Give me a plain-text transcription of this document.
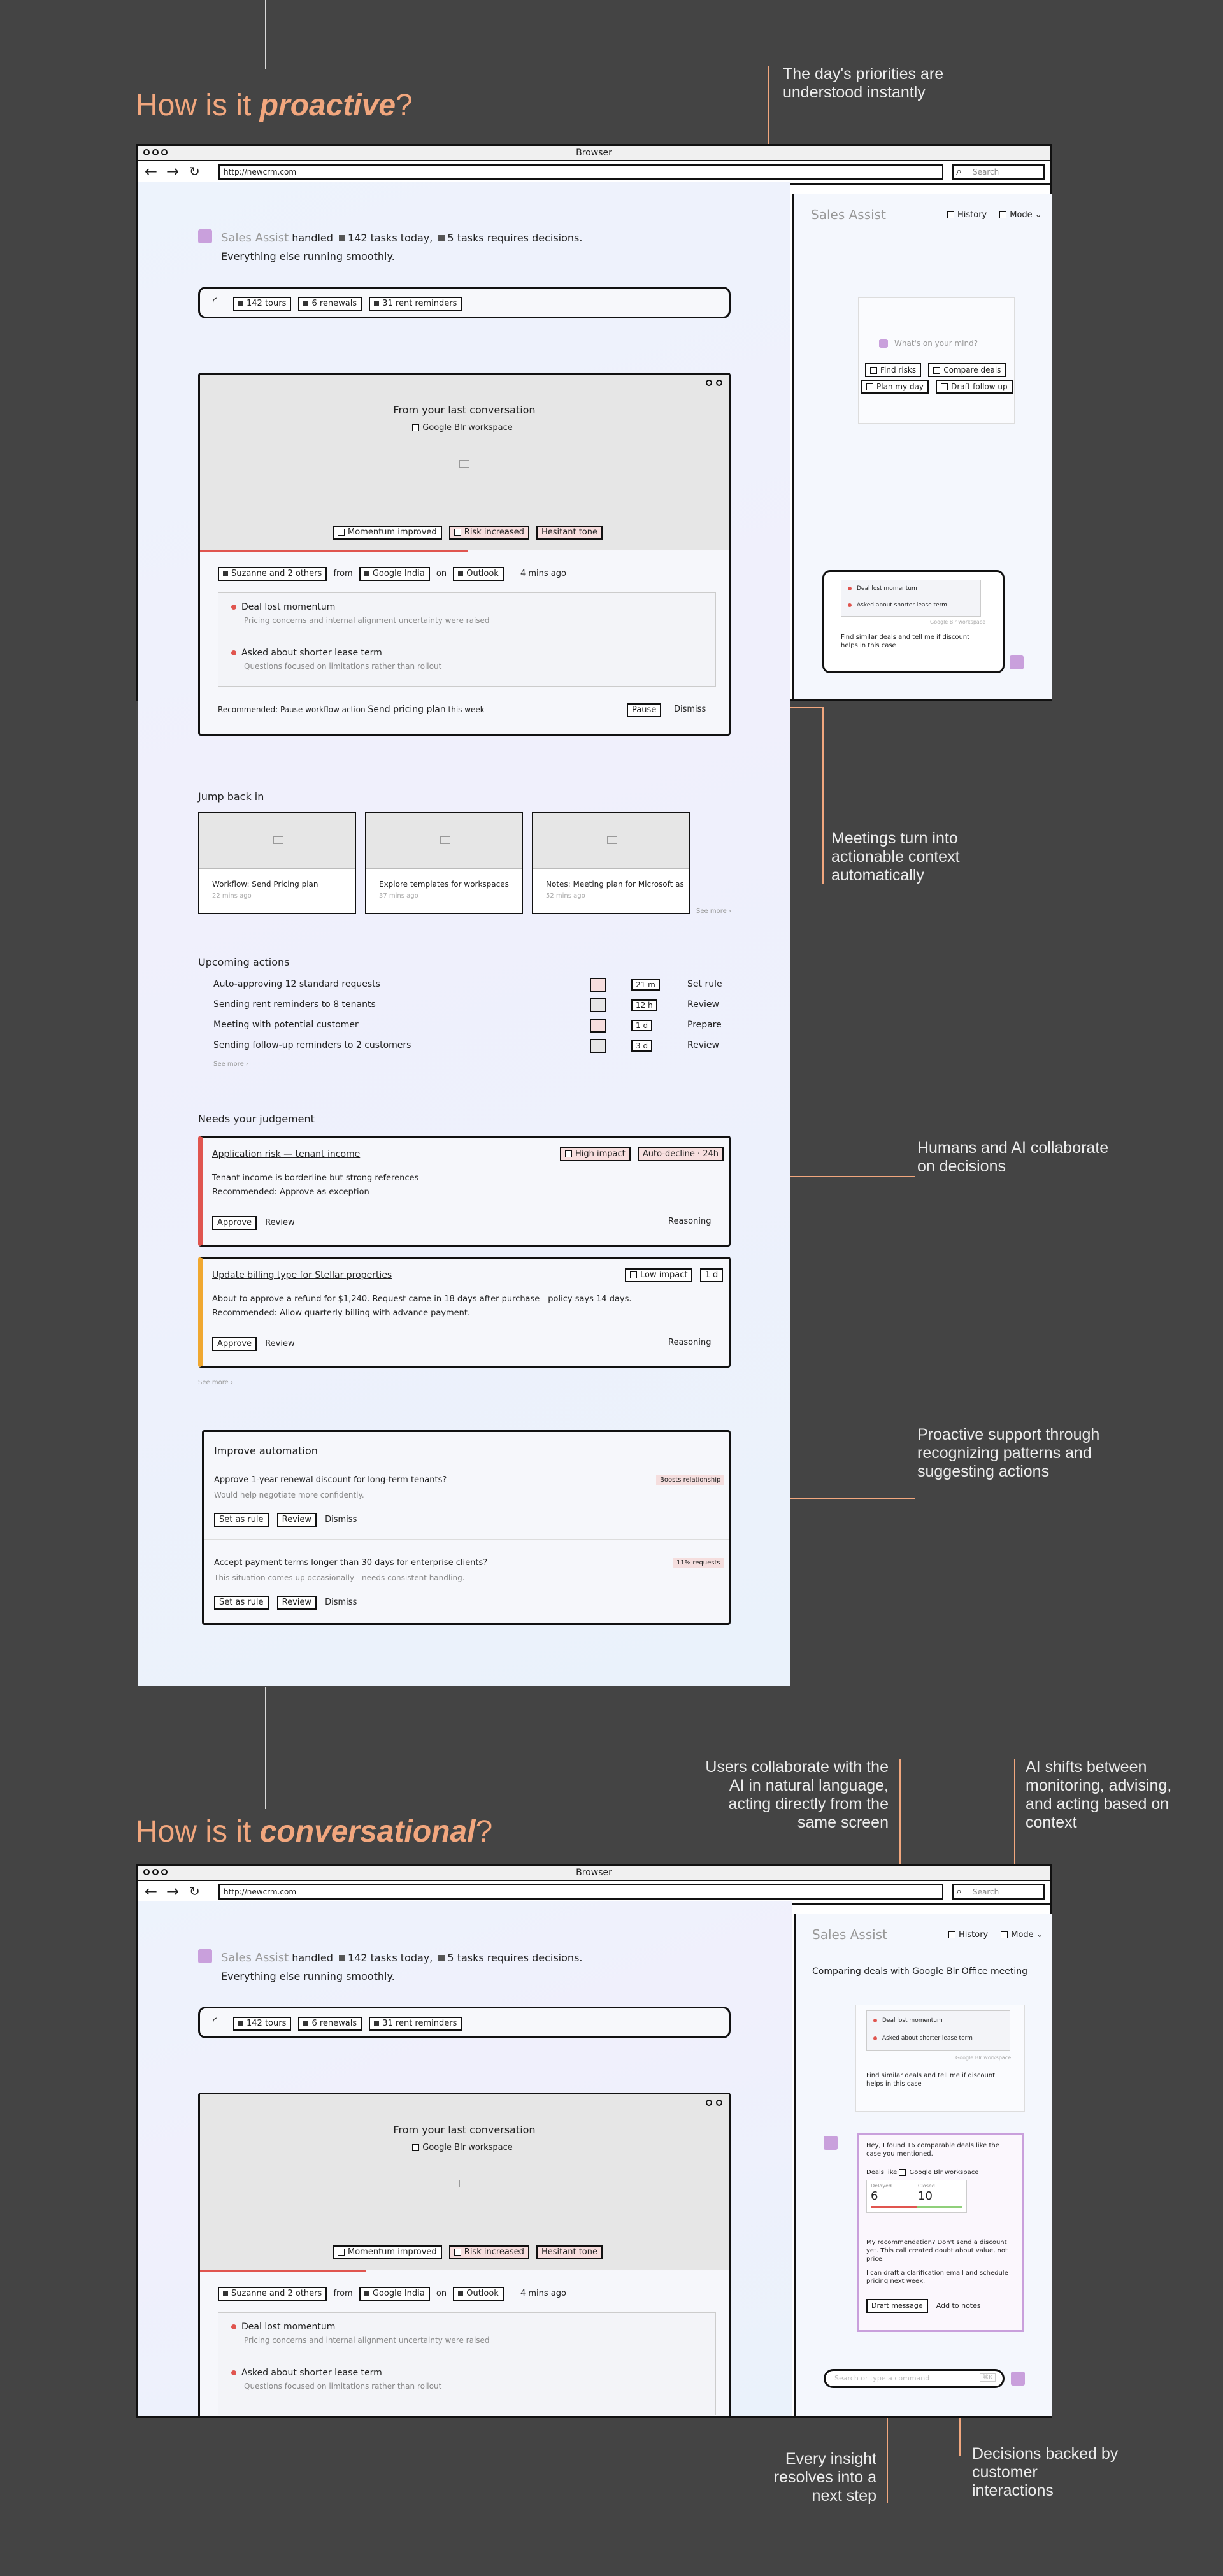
How is it proactive?
The day's priorities are understood instantly
Meetings turn into actionable context automatically
Humans and AI collaborate on decisions
Proactive support through recognizing patterns and suggesting actions
Browser
← → ↻	http://newcrm.com	Search
⌕
Sales Assist handled 142 tasks today, 5 tasks requires decisions.
Everything else running smoothly.
◜	142 tours	6 renewals	31 rent reminders
From your last conversation
Google Blr workspace
Momentum improved	Risk increased Hesitant tone
Suzanne and 2 others from Google India on Outlook	4 mins ago
Deal lost momentum
Pricing concerns and internal alignment uncertainty were raised
Asked about shorter lease term
Questions focused on limitations rather than rollout
Recommended: Pause workflow action Send pricing plan this week	Pause	Dismiss
Jump back in
Workflow: Send Pricing plan
22 mins ago
Explore templates for workspaces
37 mins ago
Notes: Meeting plan for Microsoft as
52 mins ago
See more ›
Upcoming actions
Auto-approving 12 standard requests	21 m	Set rule
Sending rent reminders to 8 tenants	12 h	Review
Meeting with potential customer	1 d	Prepare
Sending follow-up reminders to 2 customers	3 d	Review
See more ›
Needs your judgement
Application risk — tenant income	High impact Auto-decline · 24h
Tenant income is borderline but strong references
Recommended: Approve as exception
Approve Review	Reasoning
Update billing type for Stellar properties	Low impact 1 d
About to approve a refund for $1,240. Request came in 18 days after purchase—policy says 14 days.
Recommended: Allow quarterly billing with advance payment.
Approve Review	Reasoning
See more ›
Improve automation
Approve 1-year renewal discount for long-term tenants?	Boosts relationship
Would help negotiate more confidently.
Set as rule Review Dismiss
Accept payment terms longer than 30 days for enterprise clients?	11% requests
This situation comes up occasionally—needs consistent handling.
Set as rule Review Dismiss
Sales Assist	History	Mode ⌄
What's on your mind?
Find risks	Compare deals
Plan my day	Draft follow up
Deal lost momentum
Asked about shorter lease term
Google Blr workspace
Find similar deals and tell me if discount helps in this case
How is it conversational?
Users collaborate with the AI in natural language, acting directly from the same screen
AI shifts between monitoring, advising, and acting based on context
Every insight resolves into a next step
Decisions backed by customer interactions
Browser
← → ↻	http://newcrm.com	Search
⌕
Sales Assist handled 142 tasks today, 5 tasks requires decisions.
Everything else running smoothly.
◜	142 tours	6 renewals	31 rent reminders
From your last conversation
Google Blr workspace
Momentum improved	Risk increased Hesitant tone
Suzanne and 2 others from Google India on Outlook	4 mins ago
Deal lost momentum
Pricing concerns and internal alignment uncertainty were raised
Asked about shorter lease term
Questions focused on limitations rather than rollout
Sales Assist	History	Mode ⌄
Comparing deals with Google Blr Office meeting
Deal lost momentum
Asked about shorter lease term
Google Blr workspace
Find similar deals and tell me if discount helps in this case
Hey, I found 16 comparable deals like the case you mentioned.
Deals like Google Blr workspace
Delayed
6
Closed
10
My recommendation? Don't send a discount yet. This call created doubt about value, not price.
I can draft a clarification email and schedule pricing next week.
Draft message Add to notes
Search or type a command	⌘K
